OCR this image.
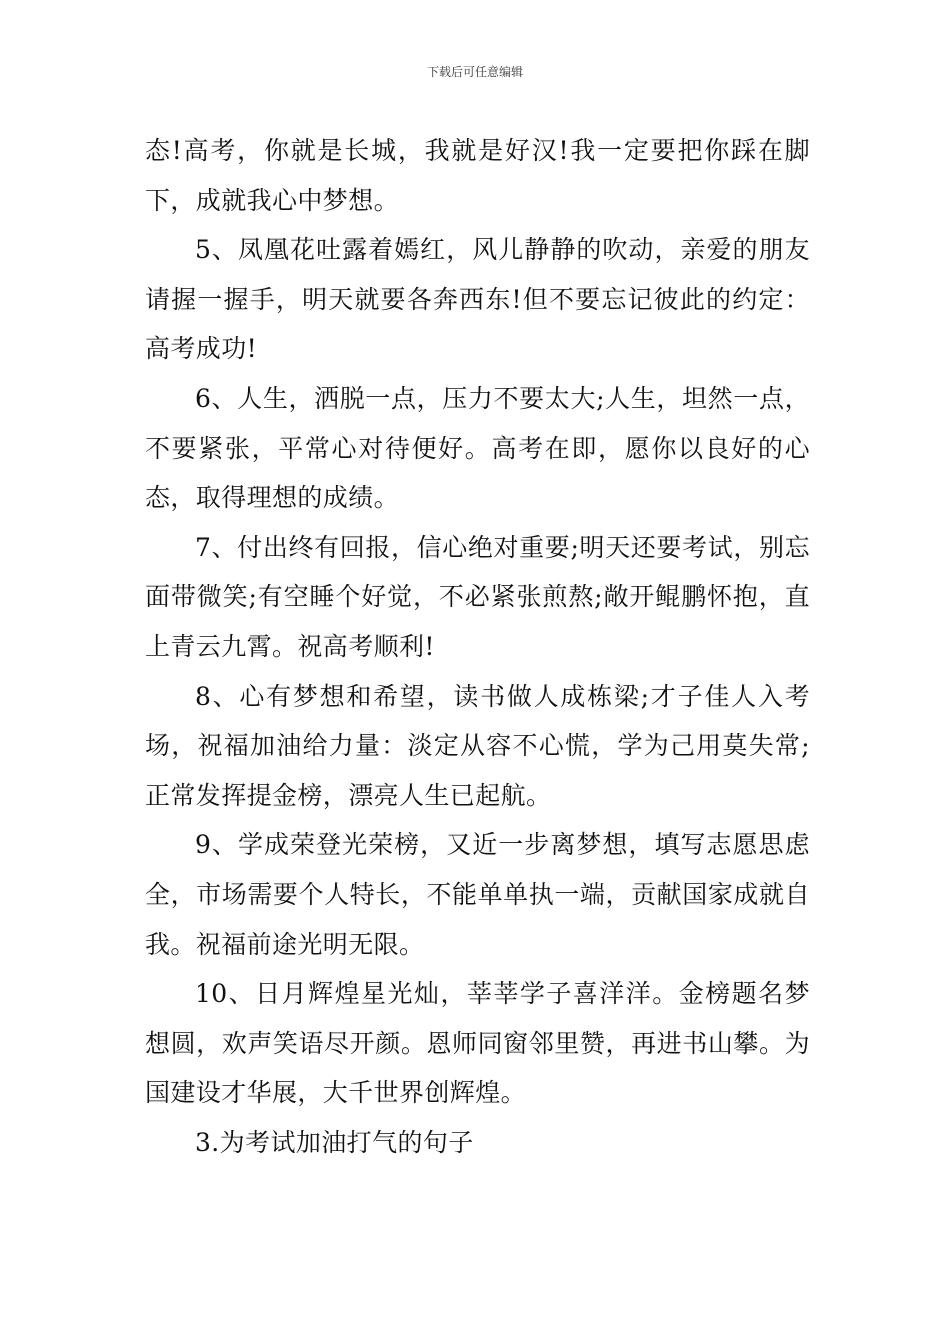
下载后可任意编辑

态!高考，你就是长城，我就是好汉!我一定要把你踩在脚下，成就我心中梦想。

5、凤凰花吐露着嫣红，风儿静静的吹动，亲爱的朋友请握一握手，明天就要各奔西东!但不要忘记彼此的约定：高考成功!

6、人生，洒脱一点，压力不要太大;人生，坦然一点，不要紧张，平常心对待便好。高考在即，愿你以良好的心态，取得理想的成绩。

7、付出终有回报，信心绝对重要;明天还要考试，别忘面带微笑;有空睡个好觉，不必紧张煎熬;敞开鲲鹏怀抱，直上青云九霄。祝高考顺利!

8、心有梦想和希望，读书做人成栋梁;才子佳人入考场，祝福加油给力量：淡定从容不心慌，学为己用莫失常;正常发挥提金榜，漂亮人生已起航。

9、学成荣登光荣榜，又近一步离梦想，填写志愿思虑全，市场需要个人特长，不能单单执一端，贡献国家成就自我。祝福前途光明无限。

10、日月辉煌星光灿，莘莘学子喜洋洋。金榜题名梦想圆，欢声笑语尽开颜。恩师同窗邻里赞，再进书山攀。为国建设才华展，大千世界创辉煌。

3.为考试加油打气的句子
